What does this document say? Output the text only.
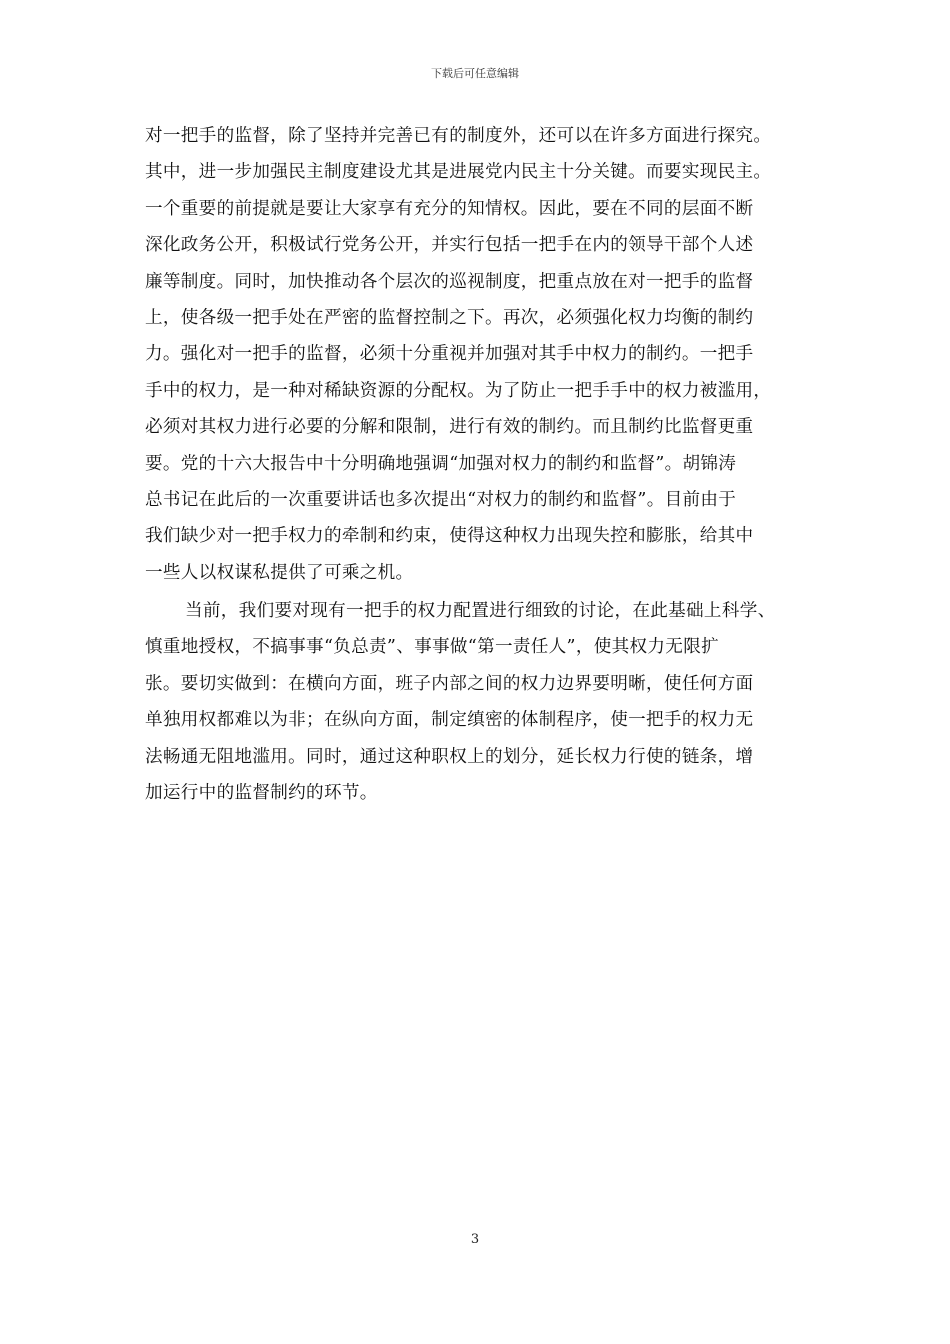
下载后可任意编辑
对一把手的监督，除了坚持并完善已有的制度外，还可以在许多方面进行探究。
其中，进一步加强民主制度建设尤其是进展党内民主十分关键。而要实现民主。
一个重要的前提就是要让大家享有充分的知情权。因此，要在不同的层面不断
深化政务公开，积极试行党务公开，并实行包括一把手在内的领导干部个人述
廉等制度。同时，加快推动各个层次的巡视制度，把重点放在对一把手的监督
上，使各级一把手处在严密的监督控制之下。再次，必须强化权力均衡的制约
力。强化对一把手的监督，必须十分重视并加强对其手中权力的制约。一把手
手中的权力，是一种对稀缺资源的分配权。为了防止一把手手中的权力被滥用，
必须对其权力进行必要的分解和限制，进行有效的制约。而且制约比监督更重
要。党的十六大报告中十分明确地强调“加强对权力的制约和监督”。胡锦涛
总书记在此后的一次重要讲话也多次提出“对权力的制约和监督”。目前由于
我们缺少对一把手权力的牵制和约束，使得这种权力出现失控和膨胀，给其中
一些人以权谋私提供了可乘之机。
当前，我们要对现有一把手的权力配置进行细致的讨论，在此基础上科学、
慎重地授权，不搞事事“负总责”、事事做“第一责任人”，使其权力无限扩
张。要切实做到：在横向方面，班子内部之间的权力边界要明晰，使任何方面
单独用权都难以为非；在纵向方面，制定缜密的体制程序，使一把手的权力无
法畅通无阻地滥用。同时，通过这种职权上的划分，延长权力行使的链条，增
加运行中的监督制约的环节。
3
